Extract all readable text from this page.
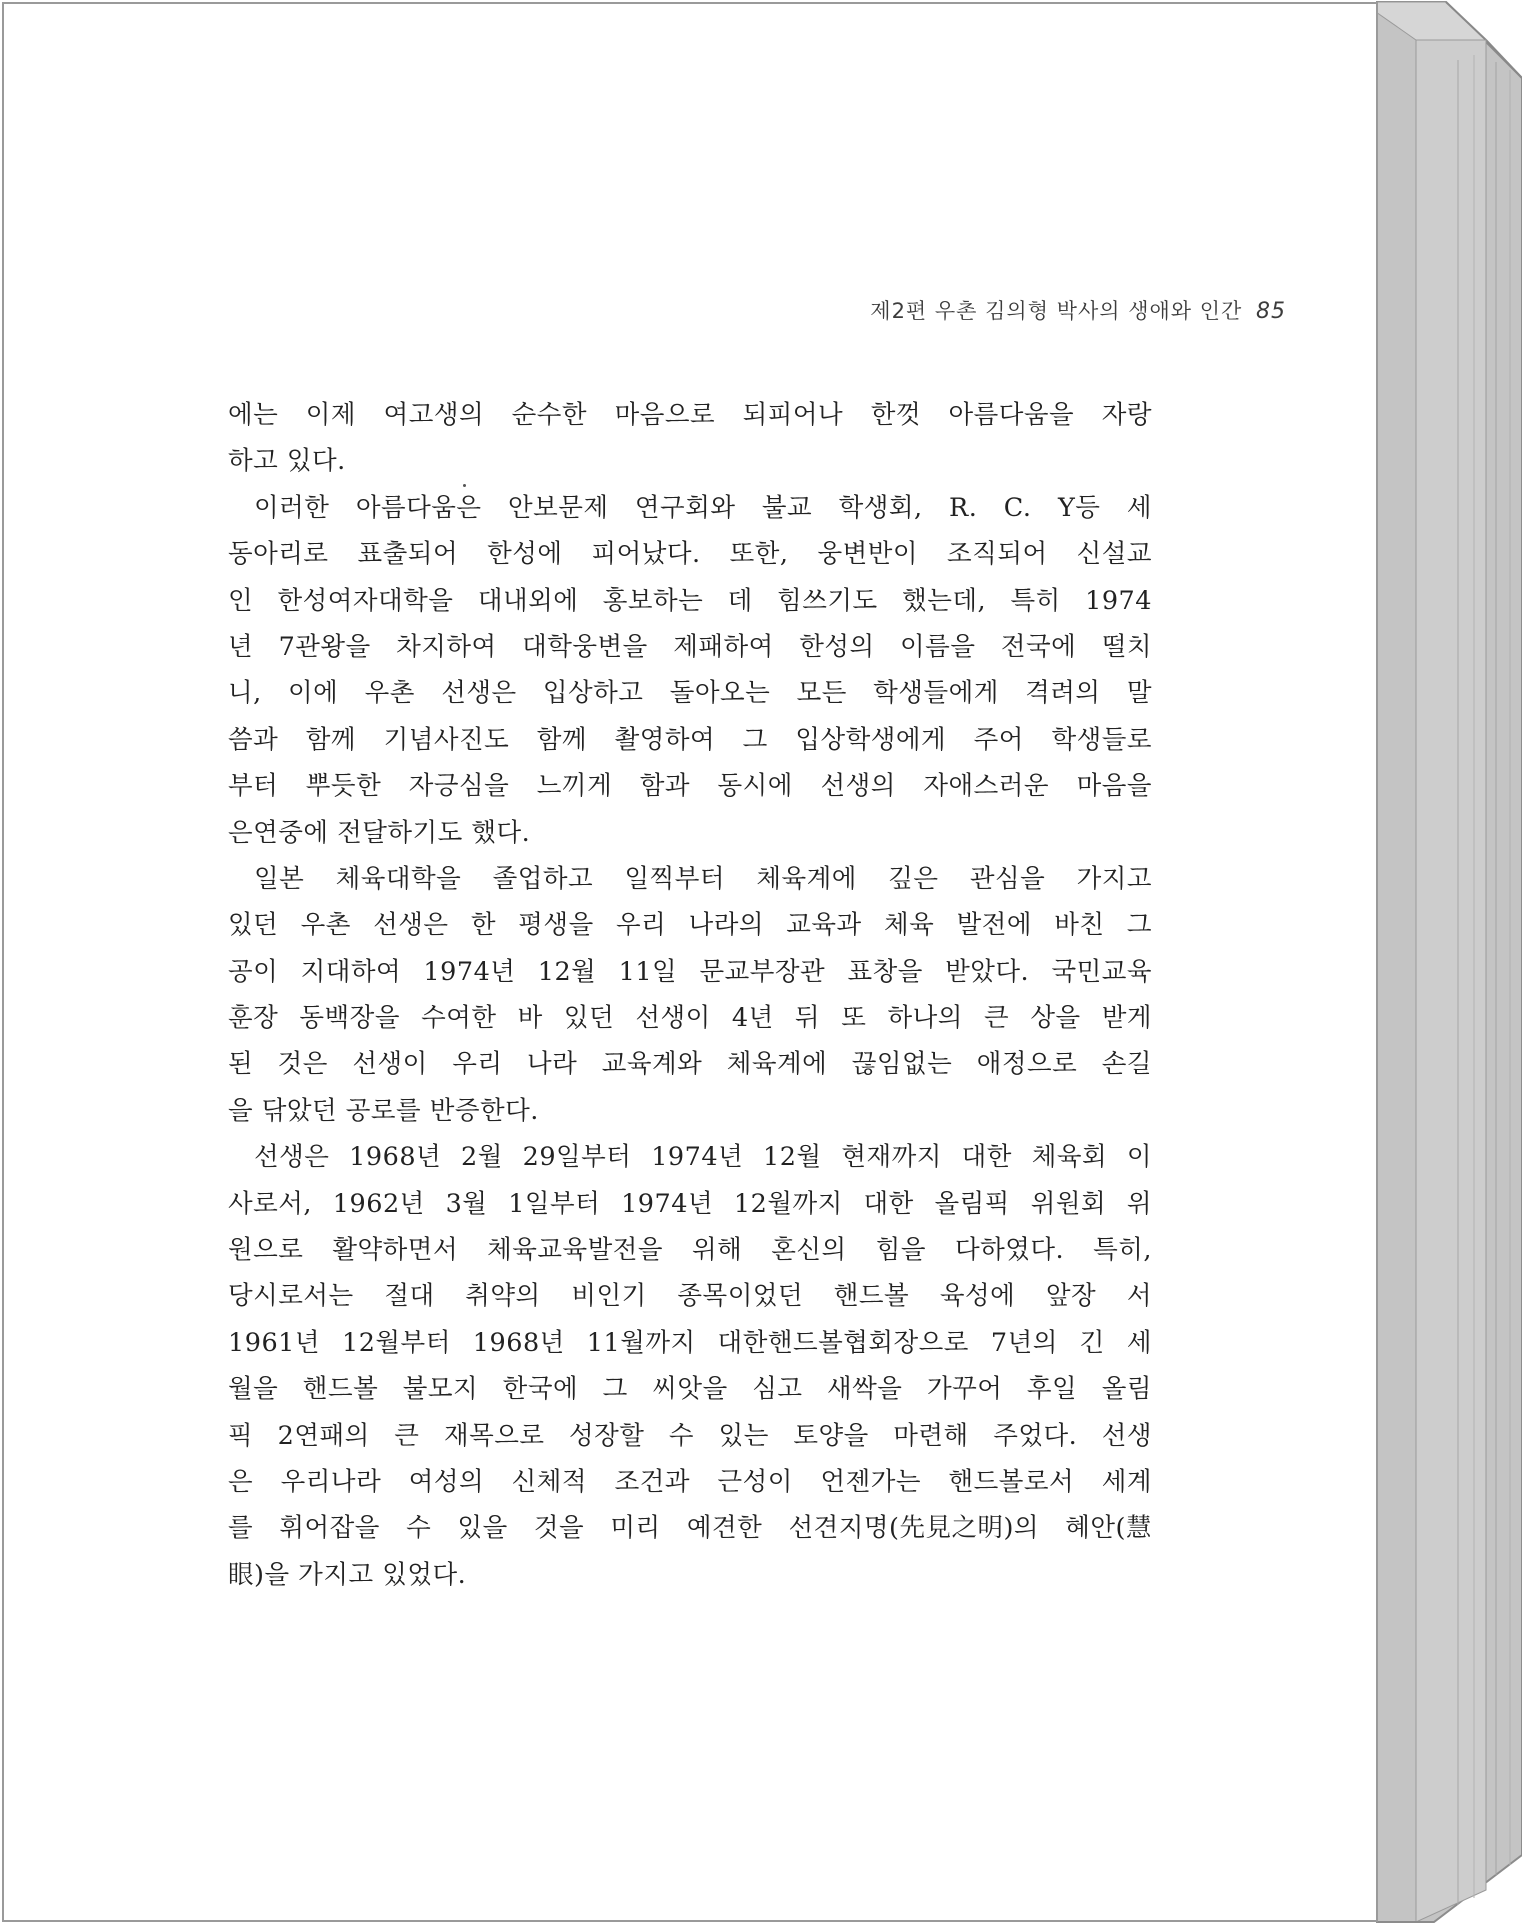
제2편 우촌 김의형 박사의 생애와 인간 85
에는 이제 여고생의 순수한 마음으로 되피어나 한껏 아름다움을 자랑
하고 있다.
이러한 아름다움은 안보문제 연구회와 불교 학생회, R. C. Y등 세
동아리로 표출되어 한성에 피어났다. 또한, 웅변반이 조직되어 신설교
인 한성여자대학을 대내외에 홍보하는 데 힘쓰기도 했는데, 특히 1974
년 7관왕을 차지하여 대학웅변을 제패하여 한성의 이름을 전국에 떨치
니, 이에 우촌 선생은 입상하고 돌아오는 모든 학생들에게 격려의 말
씀과 함께 기념사진도 함께 촬영하여 그 입상학생에게 주어 학생들로
부터 뿌듯한 자긍심을 느끼게 함과 동시에 선생의 자애스러운 마음을
은연중에 전달하기도 했다.
일본 체육대학을 졸업하고 일찍부터 체육계에 깊은 관심을 가지고
있던 우촌 선생은 한 평생을 우리 나라의 교육과 체육 발전에 바친 그
공이 지대하여 1974년 12월 11일 문교부장관 표창을 받았다. 국민교육
훈장 동백장을 수여한 바 있던 선생이 4년 뒤 또 하나의 큰 상을 받게
된 것은 선생이 우리 나라 교육계와 체육계에 끊임없는 애정으로 손길
을 닦았던 공로를 반증한다.
선생은 1968년 2월 29일부터 1974년 12월 현재까지 대한 체육회 이
사로서, 1962년 3월 1일부터 1974년 12월까지 대한 올림픽 위원회 위
원으로 활약하면서 체육교육발전을 위해 혼신의 힘을 다하였다. 특히,
당시로서는 절대 취약의 비인기 종목이었던 핸드볼 육성에 앞장 서
1961년 12월부터 1968년 11월까지 대한핸드볼협회장으로 7년의 긴 세
월을 핸드볼 불모지 한국에 그 씨앗을 심고 새싹을 가꾸어 후일 올림
픽 2연패의 큰 재목으로 성장할 수 있는 토양을 마련해 주었다. 선생
은 우리나라 여성의 신체적 조건과 근성이 언젠가는 핸드볼로서 세계
를 휘어잡을 수 있을 것을 미리 예견한 선견지명(先見之明)의 혜안(慧
眼)을 가지고 있었다.
